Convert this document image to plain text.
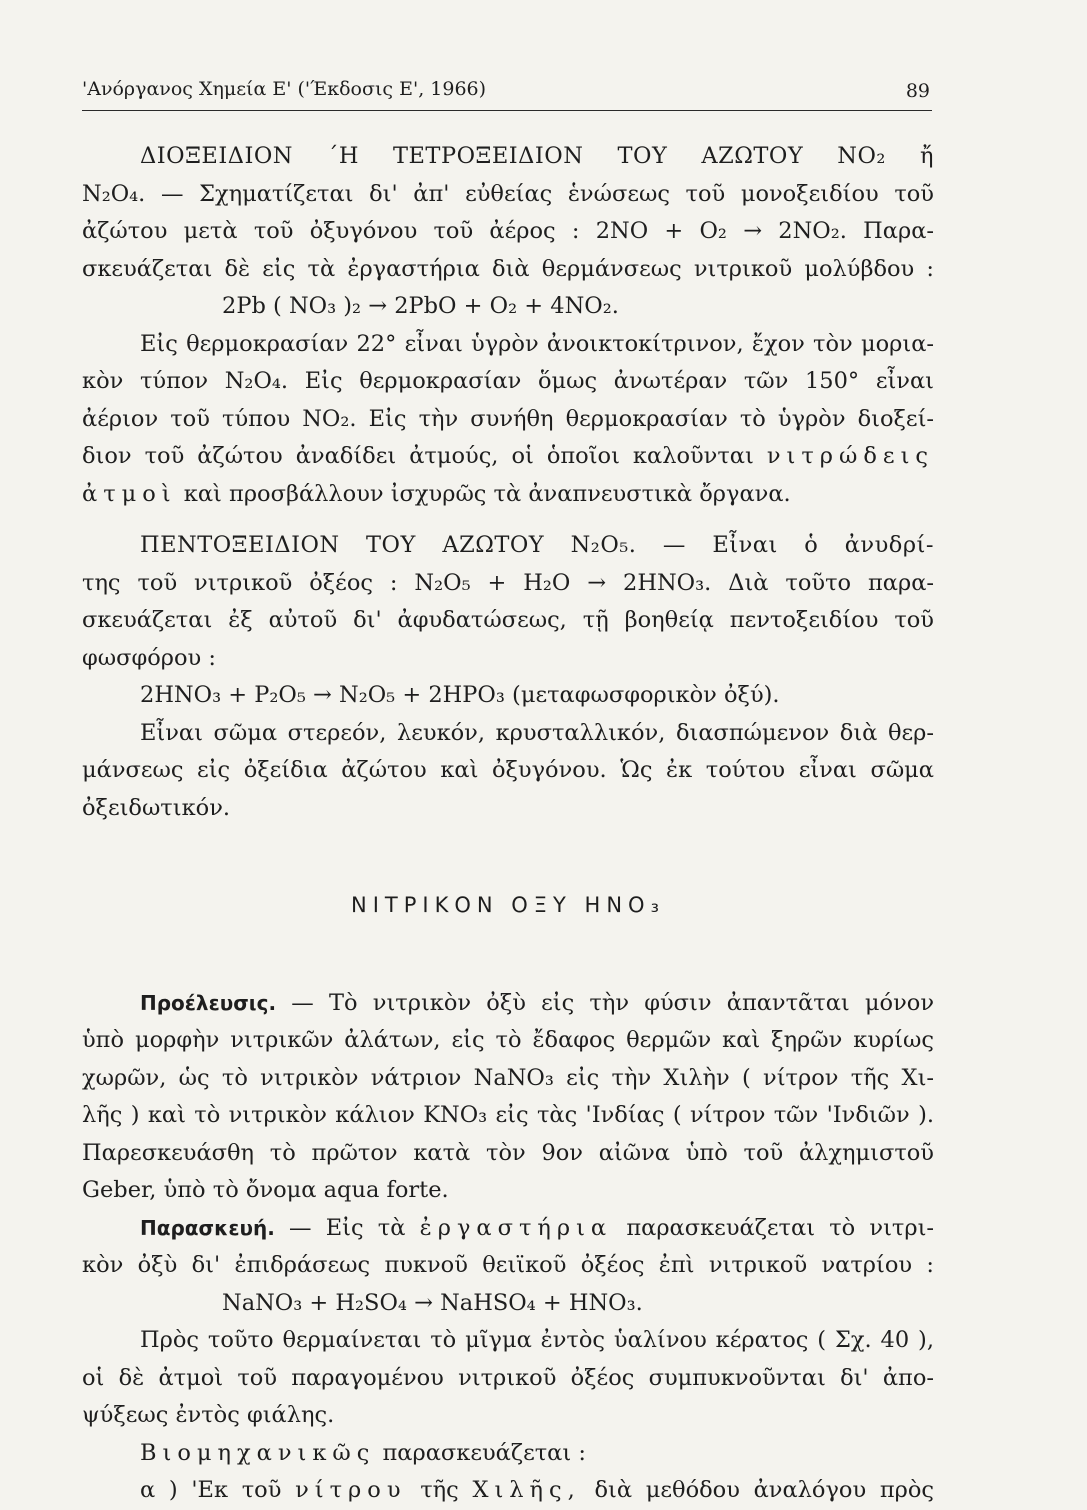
'Ανόργανος Χημεία Ε' ('Έκδοσις Ε', 1966)	89
ΔΙΟΞΕΙΔΙΟΝ ΄Η ΤΕΤΡΟΞΕΙΔΙΟΝ ΤΟΥ ΑΖΩΤΟΥ ΝΟ₂ ἤ
Ν₂Ο₄. — Σχηματίζεται δι' ἀπ' εὐθείας ἑνώσεως τοῦ μονοξειδίου τοῦ
ἀζώτου μετὰ τοῦ ὀξυγόνου τοῦ ἀέρος : 2ΝΟ + Ο₂ → 2ΝΟ₂. Παρα-
σκευάζεται δὲ εἰς τὰ ἐργαστήρια διὰ θερμάνσεως νιτρικοῦ μολύβδου :
2Pb ( ΝΟ₃ )₂ → 2PbO + Ο₂ + 4ΝΟ₂.
Εἰς θερμοκρασίαν 22° εἶναι ὑγρὸν ἀνοικτοκίτρινον, ἔχον τὸν μορια-
κὸν τύπον Ν₂Ο₄. Εἰς θερμοκρασίαν ὅμως ἀνωτέραν τῶν 150° εἶναι
ἀέριον τοῦ τύπου ΝΟ₂. Εἰς τὴν συνήθη θερμοκρασίαν τὸ ὑγρὸν διοξεί-
διον τοῦ ἀζώτου ἀναδίδει ἀτμούς, οἱ ὁποῖοι καλοῦνται νιτρώδεις
ἀτμοὶ καὶ προσβάλλουν ἰσχυρῶς τὰ ἀναπνευστικὰ ὄργανα.
ΠΕΝΤΟΞΕΙΔΙΟΝ ΤΟΥ ΑΖΩΤΟΥ Ν₂Ο₅. — Εἶναι ὁ ἀνυδρί-
της τοῦ νιτρικοῦ ὀξέος : Ν₂Ο₅ + Η₂Ο → 2ΗΝΟ₃. Διὰ τοῦτο παρα-
σκευάζεται ἐξ αὐτοῦ δι' ἀφυδατώσεως, τῇ βοηθείᾳ πεντοξειδίου τοῦ
φωσφόρου :
2ΗΝΟ₃ + Ρ₂Ο₅ → Ν₂Ο₅ + 2ΗΡΟ₃ (μεταφωσφορικὸν ὀξύ).
Εἶναι σῶμα στερεόν, λευκόν, κρυσταλλικόν, διασπώμενον διὰ θερ-
μάνσεως εἰς ὀξείδια ἀζώτου καὶ ὀξυγόνου. Ὡς ἐκ τούτου εἶναι σῶμα
ὀξειδωτικόν.
ΝΙΤΡΙΚΟΝ ΟΞΥ ΗΝΟ₃
Προέλευσις. — Τὸ νιτρικὸν ὀξὺ εἰς τὴν φύσιν ἀπαντᾶται μόνον
ὑπὸ μορφὴν νιτρικῶν ἀλάτων, εἰς τὸ ἔδαφος θερμῶν καὶ ξηρῶν κυρίως
χωρῶν, ὡς τὸ νιτρικὸν νάτριον NaNO₃ εἰς τὴν Χιλὴν ( νίτρον τῆς Χι-
λῆς ) καὶ τὸ νιτρικὸν κάλιον ΚΝΟ₃ εἰς τὰς 'Ινδίας ( νίτρον τῶν 'Ινδιῶν ).
Παρεσκευάσθη τὸ πρῶτον κατὰ τὸν 9ον αἰῶνα ὑπὸ τοῦ ἀλχημιστοῦ
Geber, ὑπὸ τὸ ὄνομα aqua forte.
Παρασκευή. — Εἰς τὰ ἐργαστήρια παρασκευάζεται τὸ νιτρι-
κὸν ὀξὺ δι' ἐπιδράσεως πυκνοῦ θειϊκοῦ ὀξέος ἐπὶ νιτρικοῦ νατρίου :
NaNO₃ + Η₂SO₄ → NaHSO₄ + ΗΝΟ₃.
Πρὸς τοῦτο θερμαίνεται τὸ μῖγμα ἐντὸς ὑαλίνου κέρατος ( Σχ. 40 ),
οἱ δὲ ἀτμοὶ τοῦ παραγομένου νιτρικοῦ ὀξέος συμπυκνοῦνται δι' ἀπο-
ψύξεως ἐντὸς φιάλης.
Βιομηχανικῶς παρασκευάζεται :
α ) 'Εκ τοῦ νίτρου τῆς Χιλῆς, διὰ μεθόδου ἀναλόγου πρὸς
